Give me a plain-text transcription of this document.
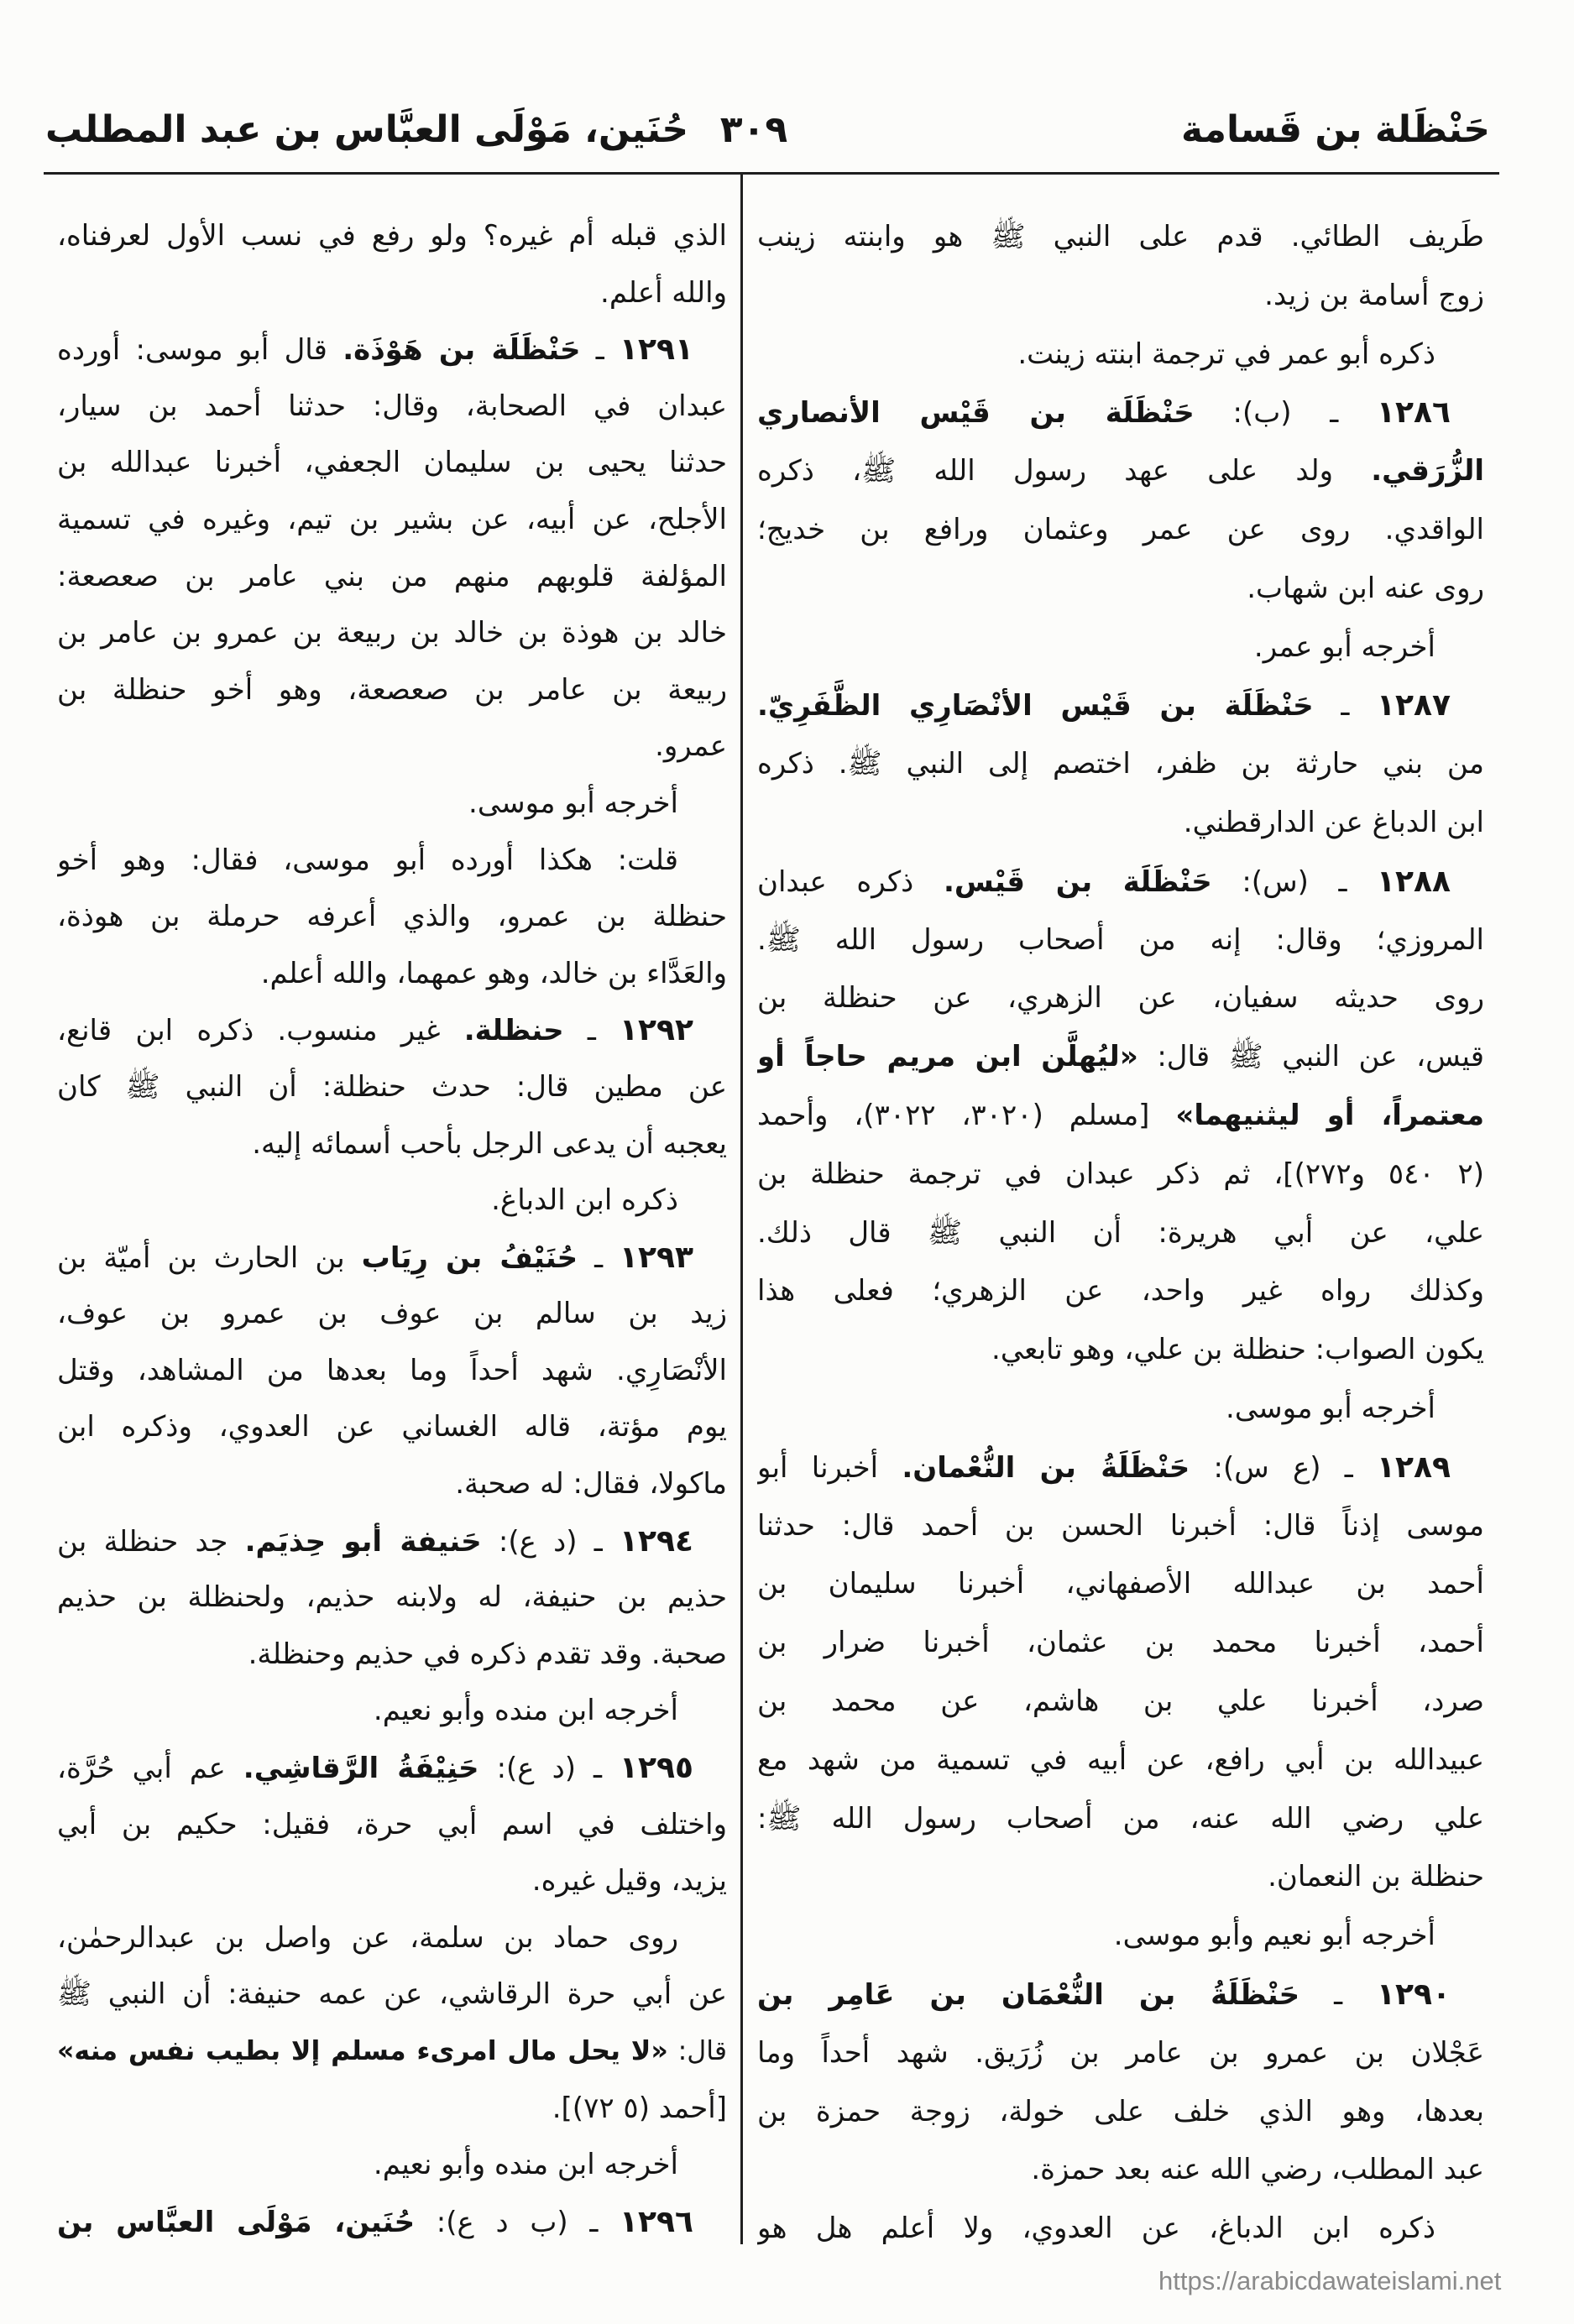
حَنْظَلة بن قَسامة
٣٠٩
حُنَين، مَوْلَى العبَّاس بن عبد المطلب
طَريف الطائي. قدم على النبي ﷺ هو وابنته زينب
زوج أسامة بن زيد.
ذكره أبو عمر في ترجمة ابنته زينت.
١٢٨٦ ـ (ب): حَنْظَلَة بن قَيْس الأنصاري
الزُّرَقي. ولد على عهد رسول الله ﷺ، ذكره
الواقدي. روى عن عمر وعثمان ورافع بن خديج؛
روى عنه ابن شهاب.
أخرجه أبو عمر.
١٢٨٧ ـ حَنْظَلَة بن قَيْس الأنْصَارِي الظَّفَرِيّ.
من بني حارثة بن ظفر، اختصم إلى النبي ﷺ. ذكره
ابن الدباغ عن الدارقطني.
١٢٨٨ ـ (س): حَنْظَلَة بن قَيْس. ذكره عبدان
المروزي؛ وقال: إنه من أصحاب رسول الله ﷺ.
روى حديثه سفيان، عن الزهري، عن حنظلة بن
قيس، عن النبي ﷺ قال: «ليُهلَّن ابن مريم حاجاً أو
معتمراً، أو ليثنيهما» [مسلم (٣٠٢٠، ٣٠٢٢)، وأحمد
(٢ ٥٤٠ و٢٧٢)]، ثم ذكر عبدان في ترجمة حنظلة بن
علي، عن أبي هريرة: أن النبي ﷺ قال ذلك.
وكذلك رواه غير واحد، عن الزهري؛ فعلى هذا
يكون الصواب: حنظلة بن علي، وهو تابعي.
أخرجه أبو موسى.
١٢٨٩ ـ (ع س): حَنْظَلَةُ بن النُّعْمان. أخبرنا أبو
موسى إذناً قال: أخبرنا الحسن بن أحمد قال: حدثنا
أحمد بن عبدالله الأصفهاني، أخبرنا سليمان بن
أحمد، أخبرنا محمد بن عثمان، أخبرنا ضرار بن
صرد، أخبرنا علي بن هاشم، عن محمد بن
عبيدالله بن أبي رافع، عن أبيه في تسمية من شهد مع
علي رضي الله عنه، من أصحاب رسول الله ﷺ:
حنظلة بن النعمان.
أخرجه أبو نعيم وأبو موسى.
١٢٩٠ ـ حَنْظَلَةُ بن النُّعْمَان بن عَامِر بن
عَجْلان بن عمرو بن عامر بن زُرَيق. شهد أحداً وما
بعدها، وهو الذي خلف على خولة، زوجة حمزة بن
عبد المطلب، رضي الله عنه بعد حمزة.
ذكره ابن الدباغ، عن العدوي، ولا أعلم هل هو
الذي قبله أم غيره؟ ولو رفع في نسب الأول لعرفناه،
والله أعلم.
١٢٩١ ـ حَنْظَلَة بن هَوْذَة. قال أبو موسى: أورده
عبدان في الصحابة، وقال: حدثنا أحمد بن سيار،
حدثنا يحيى بن سليمان الجعفي، أخبرنا عبدالله بن
الأجلح، عن أبيه، عن بشير بن تيم، وغيره في تسمية
المؤلفة قلوبهم منهم من بني عامر بن صعصعة:
خالد بن هوذة بن خالد بن ربيعة بن عمرو بن عامر بن
ربيعة بن عامر بن صعصعة، وهو أخو حنظلة بن
عمرو.
أخرجه أبو موسى.
قلت: هكذا أورده أبو موسى، فقال: وهو أخو
حنظلة بن عمرو، والذي أعرفه حرملة بن هوذة،
والعَدَّاء بن خالد، وهو عمهما، والله أعلم.
١٢٩٢ ـ حنظلة. غير منسوب. ذكره ابن قانع،
عن مطين قال: حدث حنظلة: أن النبي ﷺ كان
يعجبه أن يدعى الرجل بأحب أسمائه إليه.
ذكره ابن الدباغ.
١٢٩٣ ـ حُنَيْفُ بن رِيَاب بن الحارث بن أميّة بن
زيد بن سالم بن عوف بن عمرو بن عوف،
الأنْصَارِي. شهد أحداً وما بعدها من المشاهد، وقتل
يوم مؤتة، قاله الغساني عن العدوي، وذكره ابن
ماكولا، فقال: له صحبة.
١٢٩٤ ـ (د ع): حَنيفة أبو حِذيَم. جد حنظلة بن
حذيم بن حنيفة، له ولابنه حذيم، ولحنظلة بن حذيم
صحبة. وقد تقدم ذكره في حذيم وحنظلة.
أخرجه ابن منده وأبو نعيم.
١٢٩٥ ـ (د ع): حَنِيْفَةُ الرَّقاشِي. عم أبي حُرَّة،
واختلف في اسم أبي حرة، فقيل: حكيم بن أبي
يزيد، وقيل غيره.
روى حماد بن سلمة، عن واصل بن عبدالرحمٰن،
عن أبي حرة الرقاشي، عن عمه حنيفة: أن النبي ﷺ
قال: «لا يحل مال امرىء مسلم إلا بطيب نفس منه»
[أحمد (٥ ٧٢)].
أخرجه ابن منده وأبو نعيم.
١٢٩٦ ـ (ب د ع): حُنَين، مَوْلَى العبَّاس بن
https://arabicdawateislami.net
